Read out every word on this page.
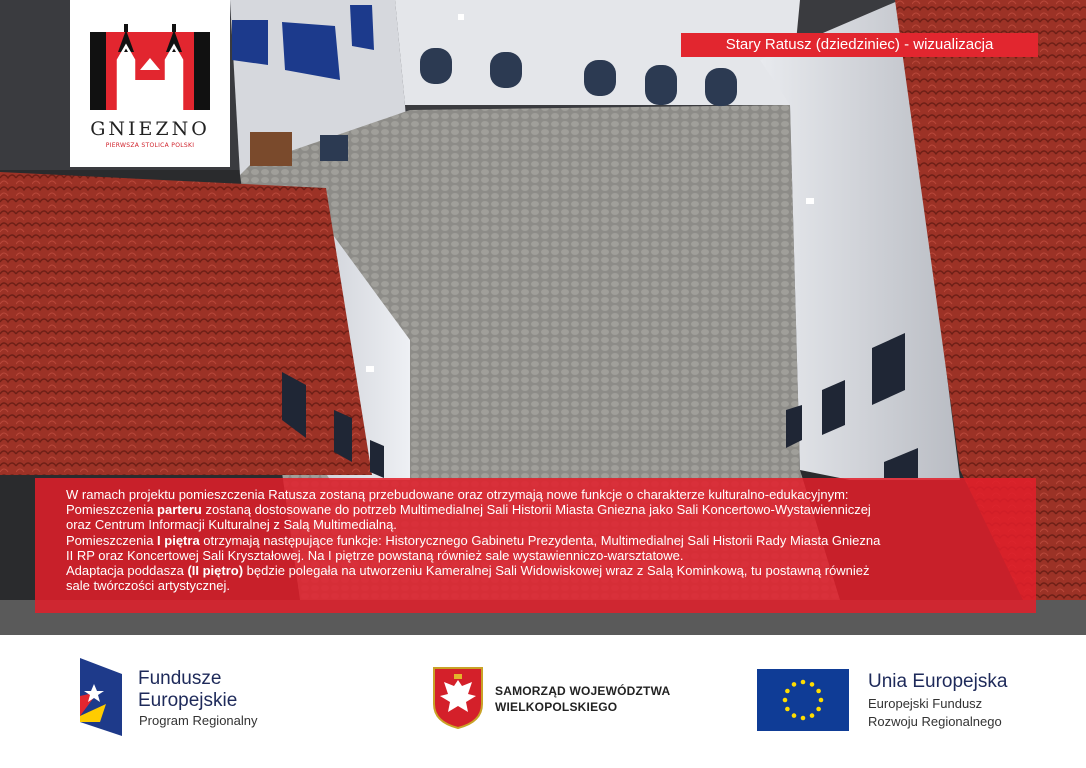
GNIEZNO
PIERWSZA STOLICA POLSKI
Stary Ratusz (dziedziniec) - wizualizacja

W ramach projektu pomieszczenia Ratusza zostaną przebudowane oraz otrzymają nowe funkcje o charakterze kulturalno-edukacyjnym:

Pomieszczenia parteru zostaną dostosowane do potrzeb Multimedialnej Sali Historii Miasta Gniezna jako Sali Koncertowo-Wystawienniczej

oraz Centrum Informacji Kulturalnej z Salą Multimedialną.

Pomieszczenia I piętra otrzymają następujące funkcje: Historycznego Gabinetu Prezydenta, Multimedialnej Sali Historii Rady Miasta Gniezna

II RP oraz Koncertowej Sali Kryształowej. Na I piętrze powstaną również sale wystawienniczo-warsztatowe.

Adaptacja poddasza (II piętro) będzie polegała na utworzeniu Kameralnej Sali Widowiskowej wraz z Salą Kominkową, tu postawną również

sale twórczości artystycznej.

Fundusze
Europejskie
Program Regionalny
SAMORZĄD WOJEWÓDZTWA
WIELKOPOLSKIEGO
Unia Europejska
Europejski Fundusz
Rozwoju Regionalnego
